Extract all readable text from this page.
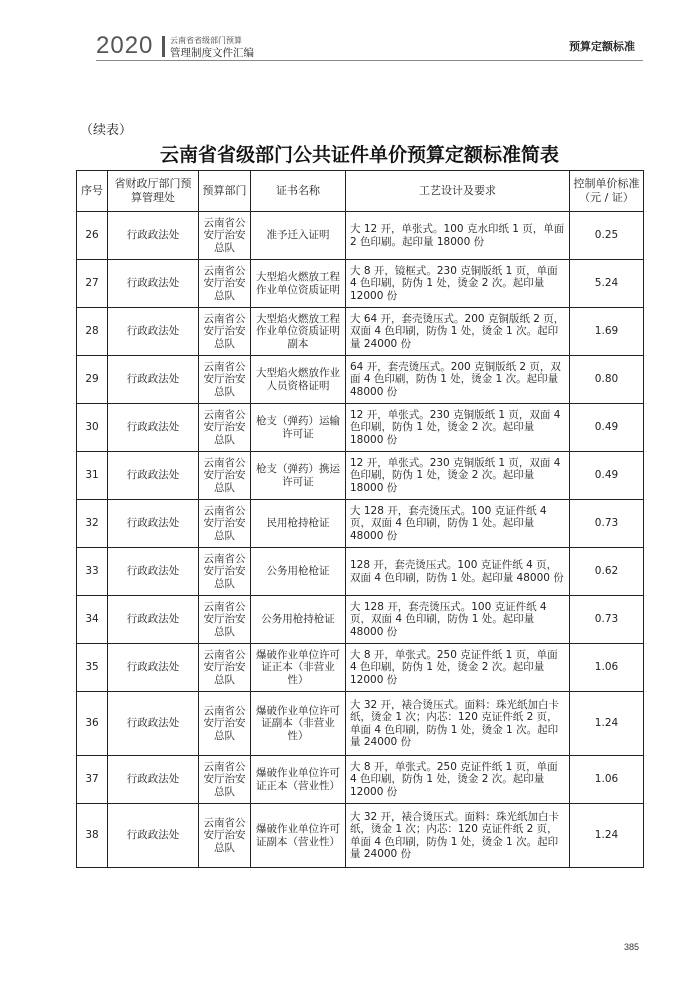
2020 云南省省级部门预算
管理制度文件汇编	预算定额标准
（续表）
云南省省级部门公共证件单价预算定额标准简表
序号	省财政厅部门预算管理处	预算部门	证书名称	工艺设计及要求	控制单价标准（元 / 证）
26	行政政法处	云南省公安厅治安总队	准予迁入证明	大 12 开，单张式。100 克水印纸 1 页，单面 2 色印刷。起印量 18000 份	0.25
27	行政政法处	云南省公安厅治安总队	大型焰火燃放工程作业单位资质证明	大 8 开，镜框式。230 克铜版纸 1 页，单面 4 色印刷，防伪 1 处，烫金 2 次。起印量 12000 份	5.24
28	行政政法处	云南省公安厅治安总队	大型焰火燃放工程作业单位资质证明副本	大 64 开，套壳烫压式。200 克铜版纸 2 页，双面 4 色印刷，防伪 1 处，烫金 1 次。起印量 24000 份	1.69
29	行政政法处	云南省公安厅治安总队	大型焰火燃放作业人员资格证明	64 开，套壳烫压式。200 克铜版纸 2 页，双面 4 色印刷，防伪 1 处，烫金 1 次。起印量 48000 份	0.80
30	行政政法处	云南省公安厅治安总队	枪支（弹药）运输许可证	12 开，单张式。230 克铜版纸 1 页，双面 4 色印刷，防伪 1 处，烫金 2 次。起印量 18000 份	0.49
31	行政政法处	云南省公安厅治安总队	枪支（弹药）携运许可证	12 开，单张式。230 克铜版纸 1 页，双面 4 色印刷，防伪 1 处，烫金 2 次。起印量 18000 份	0.49
32	行政政法处	云南省公安厅治安总队	民用枪持枪证	大 128 开，套壳烫压式。100 克证件纸 4 页，双面 4 色印刷，防伪 1 处。起印量 48000 份	0.73
33	行政政法处	云南省公安厅治安总队	公务用枪枪证	128 开，套壳烫压式。100 克证件纸 4 页，双面 4 色印刷，防伪 1 处。起印量 48000 份	0.62
34	行政政法处	云南省公安厅治安总队	公务用枪持枪证	大 128 开，套壳烫压式。100 克证件纸 4 页，双面 4 色印刷，防伪 1 处。起印量 48000 份	0.73
35	行政政法处	云南省公安厅治安总队	爆破作业单位许可证正本（非营业性）	大 8 开，单张式。250 克证件纸 1 页，单面 4 色印刷，防伪 1 处，烫金 2 次。起印量 12000 份	1.06
36	行政政法处	云南省公安厅治安总队	爆破作业单位许可证副本（非营业性）	大 32 开，裱合烫压式。面料：珠光纸加白卡纸，烫金 1 次；内芯：120 克证件纸 2 页，单面 4 色印刷，防伪 1 处，烫金 1 次。起印量 24000 份	1.24
37	行政政法处	云南省公安厅治安总队	爆破作业单位许可证正本（营业性）	大 8 开，单张式。250 克证件纸 1 页，单面 4 色印刷，防伪 1 处，烫金 2 次。起印量 12000 份	1.06
38	行政政法处	云南省公安厅治安总队	爆破作业单位许可证副本（营业性）	大 32 开，裱合烫压式。面料：珠光纸加白卡纸，烫金 1 次；内芯：120 克证件纸 2 页，单面 4 色印刷，防伪 1 处，烫金 1 次。起印量 24000 份	1.24
385
